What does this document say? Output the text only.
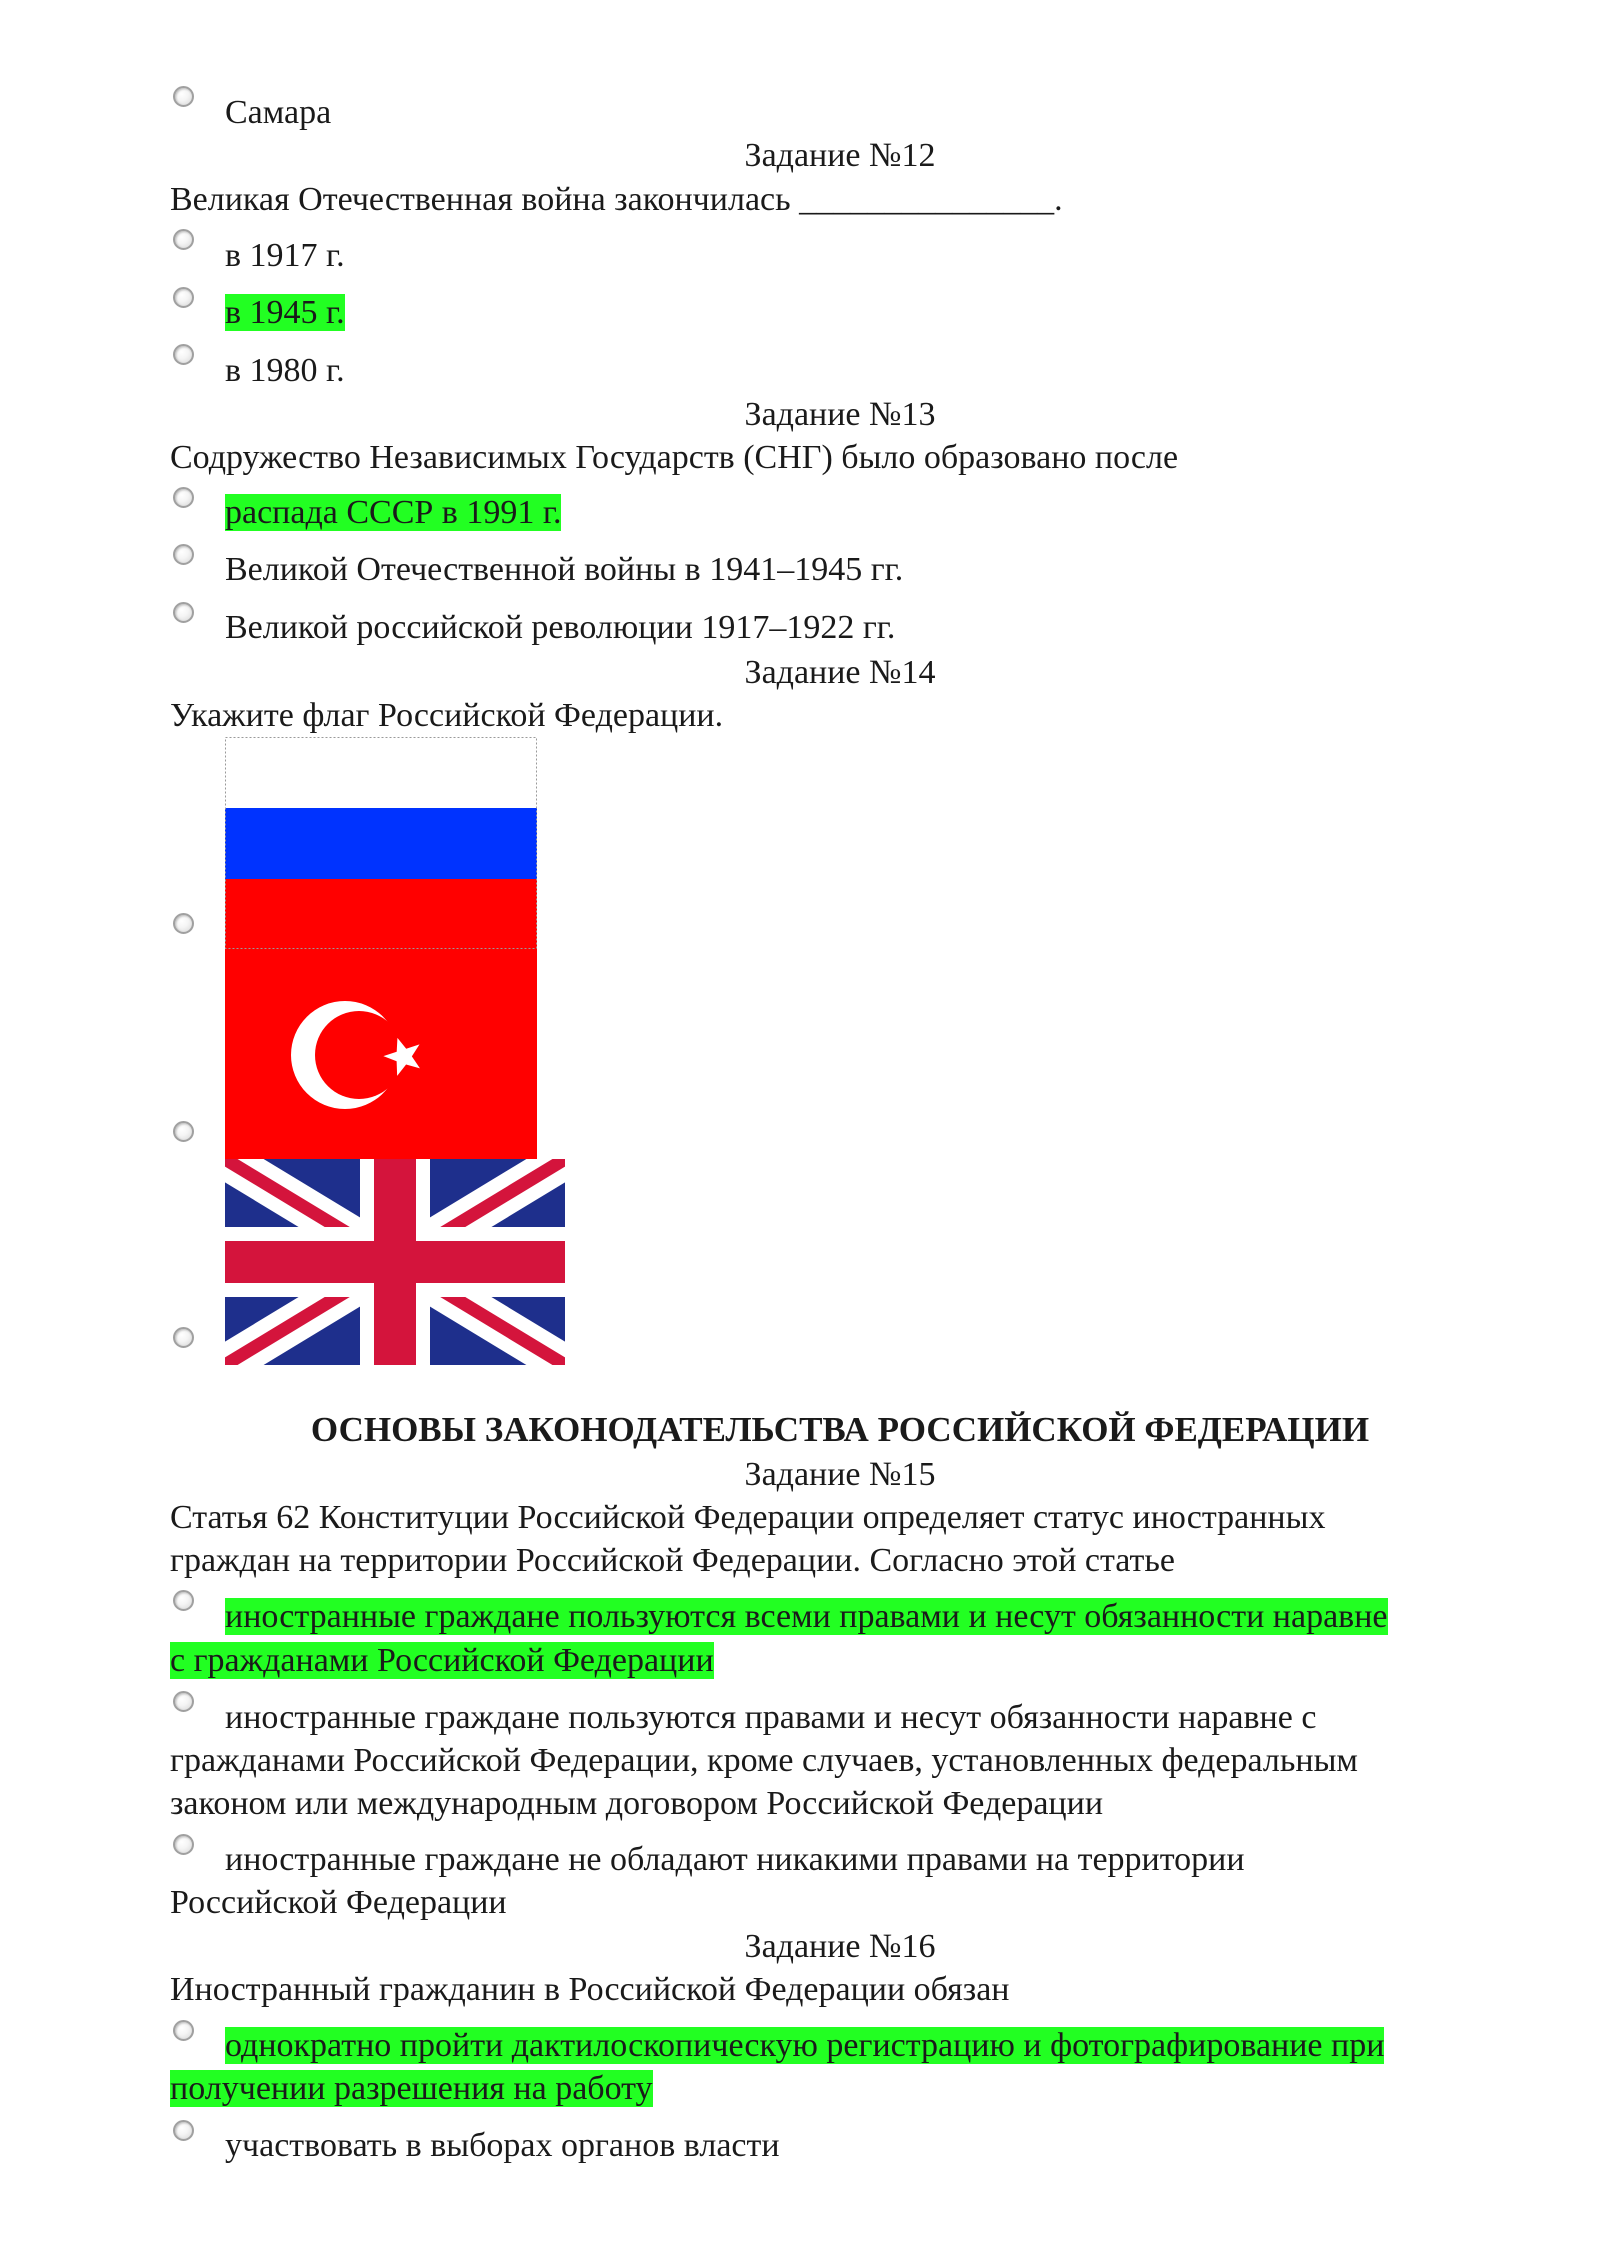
Самара
Задание №12
Великая Отечественная война закончилась _______________.
в 1917 г.
в 1945 г.
в 1980 г.
Задание №13
Содружество Независимых Государств (СНГ) было образовано после
распада СССР в 1991 г.
Великой Отечественной войны в 1941–1945 гг.
Великой российской революции 1917–1922 гг.
Задание №14
Укажите флаг Российской Федерации.
ОСНОВЫ ЗАКОНОДАТЕЛЬСТВА РОССИЙСКОЙ ФЕДЕРАЦИИ
Задание №15
Статья 62 Конституции Российской Федерации определяет статус иностранных
граждан на территории Российской Федерации. Согласно этой статье
иностранные граждане пользуются всеми правами и несут обязанности наравне
с гражданами Российской Федерации
иностранные граждане пользуются правами и несут обязанности наравне с
гражданами Российской Федерации, кроме случаев, установленных федеральным
законом или международным договором Российской Федерации
иностранные граждане не обладают никакими правами на территории
Российской Федерации
Задание №16
Иностранный гражданин в Российской Федерации обязан
однократно пройти дактилоскопическую регистрацию и фотографирование при
получении разрешения на работу
участвовать в выборах органов власти
